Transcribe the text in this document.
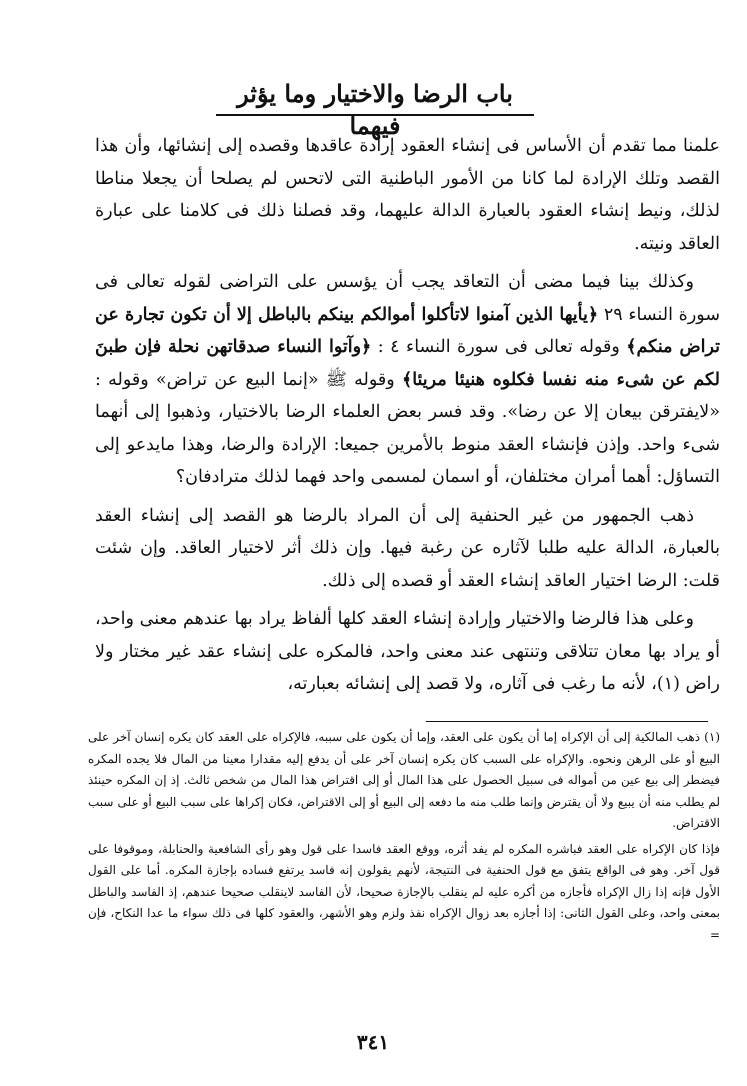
باب الرضا والاختيار وما يؤثر فيهما

علمنا مما تقدم أن الأساس فى إنشاء العقود إرادة عاقدها وقصده إلى إنشائها، وأن هذا القصد وتلك الإرادة لما كانا من الأمور الباطنية التى لاتحس لم يصلحا أن يجعلا مناطا لذلك، ونيط إنشاء العقود بالعبارة الدالة عليهما، وقد فصلنا ذلك فى كلامنا على عبارة العاقد ونيته.

وكذلك بينا فيما مضى أن التعاقد يجب أن يؤسس على التراضى لقوله تعالى فى سورة النساء ٢٩ ﴿يأيها الذين آمنوا لاتأكلوا أموالكم بينكم بالباطل إلا أن تكون تجارة عن تراض منكم﴾ وقوله تعالى فى سورة النساء ٤ : ﴿وآتوا النساء صدقاتهن نحلة فإن طبنَ لكم عن شىء منه نفسا فكلوه هنيئا مريئا﴾ وقوله ﷺ «إنما البيع عن تراض» وقوله : «لايفترقن بيعان إلا عن رضا». وقد فسر بعض العلماء الرضا بالاختيار، وذهبوا إلى أنهما شىء واحد. وإذن فإنشاء العقد منوط بالأمرين جميعا: الإرادة والرضا، وهذا مايدعو إلى التساؤل: أهما أمران مختلفان، أو اسمان لمسمى واحد فهما لذلك مترادفان؟

ذهب الجمهور من غير الحنفية إلى أن المراد بالرضا هو القصد إلى إنشاء العقد بالعبارة، الدالة عليه طلبا لآثاره عن رغبة فيها. وإن ذلك أثر لاختيار العاقد. وإن شئت قلت: الرضا اختيار العاقد إنشاء العقد أو قصده إلى ذلك.

وعلى هذا فالرضا والاختيار وإرادة إنشاء العقد كلها ألفاظ يراد بها عندهم معنى واحد، أو يراد بها معان تتلاقى وتنتهى عند معنى واحد، فالمكره على إنشاء عقد غير مختار ولا راض (١)، لأنه ما رغب فى آثاره، ولا قصد إلى إنشائه بعبارته،

(١) ذهب المالكية إلى أن الإكراه إما أن يكون على العقد، وإما أن يكون على سببه، فالإكراه على العقد كان يكره إنسان آخر على البيع أو على الرهن ونحوه. والإكراه على السبب كان يكره إنسان آخر على أن يدفع إليه مقدارا معينا من المال فلا يجده المكره فيضطر إلى بيع عين من أمواله فى سبيل الحصول على هذا المال أو إلى اقتراض هذا المال من شخص ثالث. إذ إن المكره حينئذ لم يطلب منه أن يبيع ولا أن يقترض وإنما طلب منه ما دفعه إلى البيع أو إلى الاقتراض، فكان إكراها على سبب البيع أو على سبب الاقتراض.

فإذا كان الإكراه على العقد فباشره المكره لم يفد أثره، ووقع العقد فاسدا على قول وهو رأى الشافعية والحنابلة، وموقوفا على قول آخر. وهو فى الواقع يتفق مع قول الحنفية فى النتيجة، لأنهم يقولون إنه فاسد يرتفع فساده بإجازة المكره. أما على القول الأول فإنه إذا زال الإكراه فأجازه من أكره عليه لم ينقلب بالإجازة صحيحا، لأن الفاسد لاينقلب صحيحا عندهم، إذ الفاسد والباطل بمعنى واحد، وعلى القول الثانى: إذا أجازه بعد زوال الإكراه نفذ ولزم وهو الأشهر، والعقود كلها فى ذلك سواء ما عدا النكاح، فإن =

٣٤١
